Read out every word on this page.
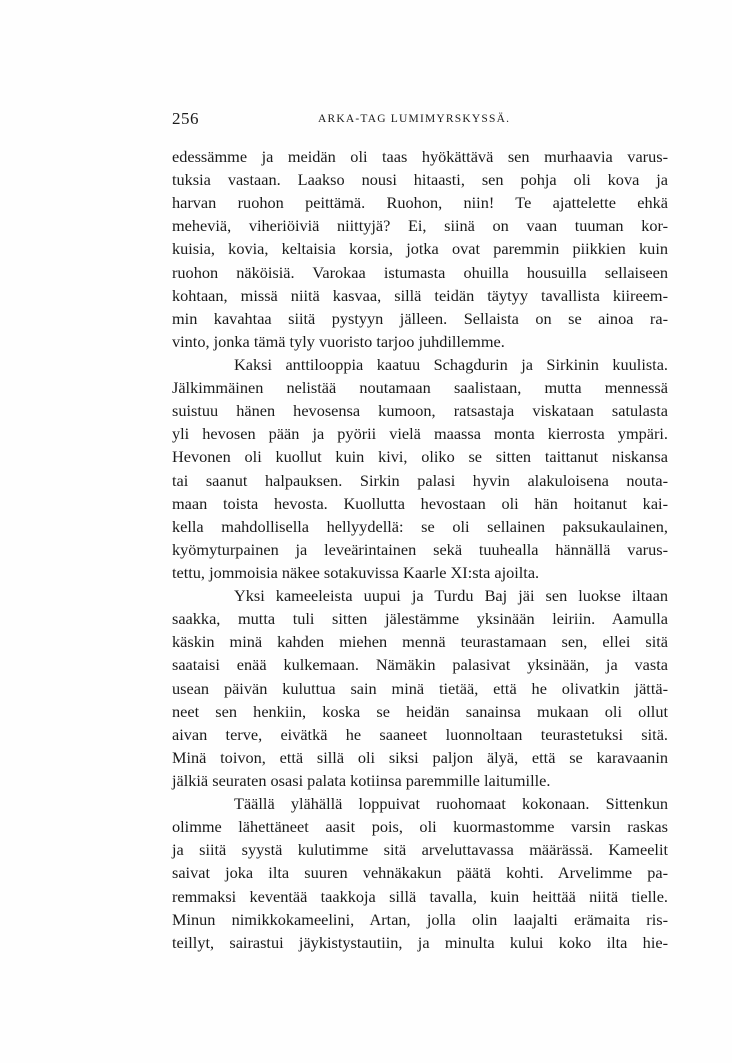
256	ARKA-TAG LUMIMYRSKYSSÄ.
edessämme ja meidän oli taas hyökättävä sen murhaavia varus-
tuksia vastaan. Laakso nousi hitaasti, sen pohja oli kova ja
harvan ruohon peittämä. Ruohon, niin! Te ajattelette ehkä
meheviä, viheriöiviä niittyjä? Ei, siinä on vaan tuuman kor-
kuisia, kovia, keltaisia korsia, jotka ovat paremmin piikkien kuin
ruohon näköisiä. Varokaa istumasta ohuilla housuilla sellaiseen
kohtaan, missä niitä kasvaa, sillä teidän täytyy tavallista kiireem-
min kavahtaa siitä pystyyn jälleen. Sellaista on se ainoa ra-
vinto, jonka tämä tyly vuoristo tarjoo juhdillemme.
Kaksi anttilooppia kaatuu Schagdurin ja Sirkinin kuulista.
Jälkimmäinen nelistää noutamaan saalistaan, mutta mennessä
suistuu hänen hevosensa kumoon, ratsastaja viskataan satulasta
yli hevosen pään ja pyörii vielä maassa monta kierrosta ympäri.
Hevonen oli kuollut kuin kivi, oliko se sitten taittanut niskansa
tai saanut halpauksen. Sirkin palasi hyvin alakuloisena nouta-
maan toista hevosta. Kuollutta hevostaan oli hän hoitanut kai-
kella mahdollisella hellyydellä: se oli sellainen paksukaulainen,
kyömyturpainen ja leveärintainen sekä tuuhealla hännällä varus-
tettu, jommoisia näkee sotakuvissa Kaarle XI:sta ajoilta.
Yksi kameeleista uupui ja Turdu Baj jäi sen luokse iltaan
saakka, mutta tuli sitten jälestämme yksinään leiriin. Aamulla
käskin minä kahden miehen mennä teurastamaan sen, ellei sitä
saataisi enää kulkemaan. Nämäkin palasivat yksinään, ja vasta
usean päivän kuluttua sain minä tietää, että he olivatkin jättä-
neet sen henkiin, koska se heidän sanainsa mukaan oli ollut
aivan terve, eivätkä he saaneet luonnoltaan teurastetuksi sitä.
Minä toivon, että sillä oli siksi paljon älyä, että se karavaanin
jälkiä seuraten osasi palata kotiinsa paremmille laitumille.
Täällä ylähällä loppuivat ruohomaat kokonaan. Sittenkun
olimme lähettäneet aasit pois, oli kuormastomme varsin raskas
ja siitä syystä kulutimme sitä arveluttavassa määrässä. Kameelit
saivat joka ilta suuren vehnäkakun päätä kohti. Arvelimme pa-
remmaksi keventää taakkoja sillä tavalla, kuin heittää niitä tielle.
Minun nimikkokameelini, Artan, jolla olin laajalti erämaita ris-
teillyt, sairastui jäykistystautiin, ja minulta kului koko ilta hie-
